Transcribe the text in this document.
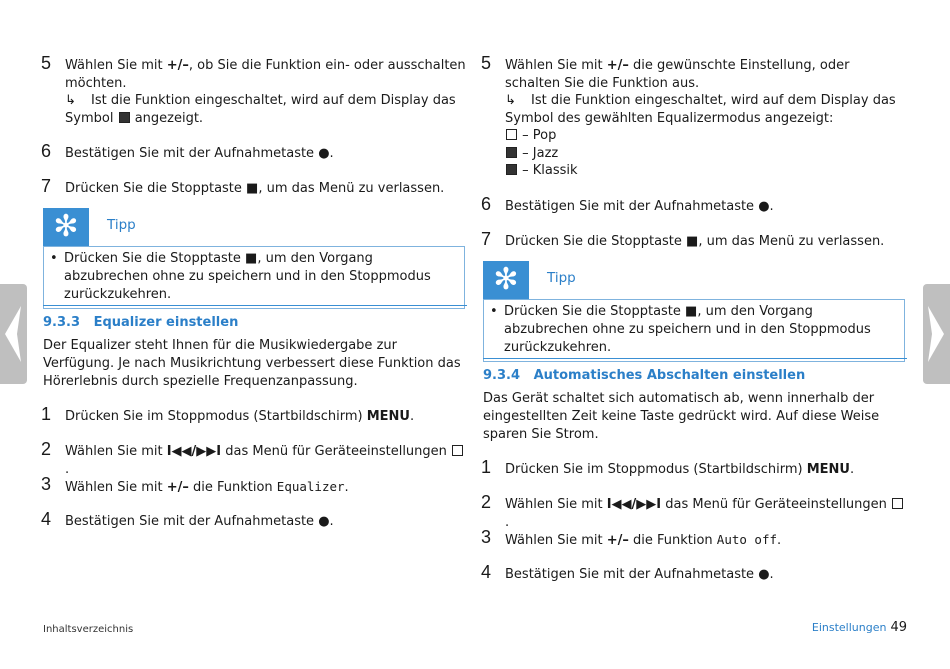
5 Wählen Sie mit +/–, ob Sie die Funktion ein- oder ausschalten möchten.
↳ Ist die Funktion eingeschaltet, wird auf dem Display das Symbol  angezeigt.
6 Bestätigen Sie mit der Aufnahmetaste ●.
7 Drücken Sie die Stopptaste ■, um das Menü zu verlassen.
✻	Tipp
• Drücken Sie die Stopptaste ■, um den Vorgang abzubrechen ohne zu speichern und in den Stoppmodus zurückzukehren.
9.3.3 Equalizer einstellen
Der Equalizer steht Ihnen für die Musikwiedergabe zur Verfügung. Je nach Musikrichtung verbessert diese Funktion das Hörerlebnis durch spezielle Frequenzanpassung.
1 Drücken Sie im Stoppmodus (Startbildschirm) MENU.
2 Wählen Sie mit I◀◀/▶▶I das Menü für Geräteeinstellungen .
3 Wählen Sie mit +/– die Funktion Equalizer.
4 Bestätigen Sie mit der Aufnahmetaste ●.
5 Wählen Sie mit +/– die gewünschte Einstellung, oder schalten Sie die Funktion aus.
↳ Ist die Funktion eingeschaltet, wird auf dem Display das Symbol des gewählten Equalizermodus angezeigt:
– Pop
– Jazz
– Klassik
6 Bestätigen Sie mit der Aufnahmetaste ●.
7 Drücken Sie die Stopptaste ■, um das Menü zu verlassen.
✻	Tipp
• Drücken Sie die Stopptaste ■, um den Vorgang abzubrechen ohne zu speichern und in den Stoppmodus zurückzukehren.
9.3.4 Automatisches Abschalten einstellen
Das Gerät schaltet sich automatisch ab, wenn innerhalb der eingestellten Zeit keine Taste gedrückt wird. Auf diese Weise sparen Sie Strom.
1 Drücken Sie im Stoppmodus (Startbildschirm) MENU.
2 Wählen Sie mit I◀◀/▶▶I das Menü für Geräteeinstellungen .
3 Wählen Sie mit +/– die Funktion Auto off.
4 Bestätigen Sie mit der Aufnahmetaste ●.
Inhaltsverzeichnis	Einstellungen 49
